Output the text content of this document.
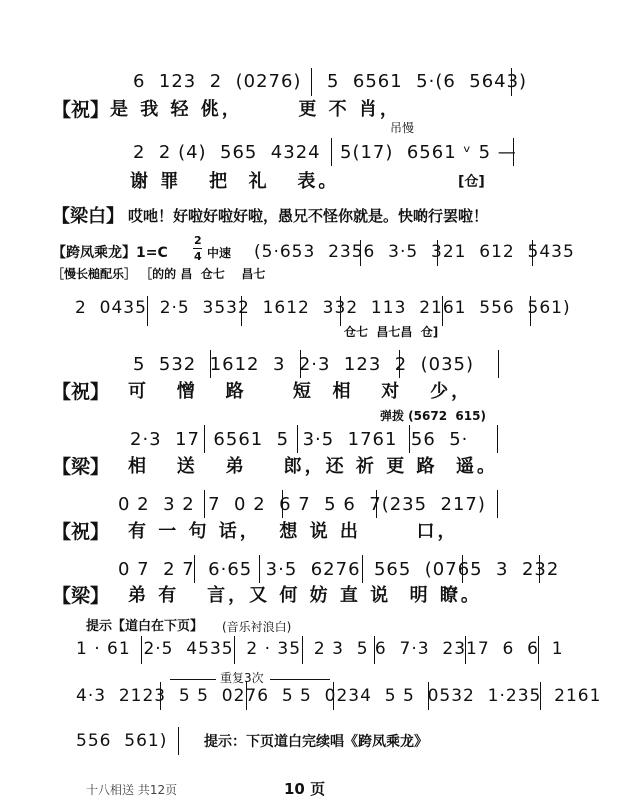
6  123  2  (0276) 5  6561  5·(6  5643)
【祝】 是 我 轻 佻，      更 不 肖，
吊慢
2  2 (4)  565  4324 5(17)  6561 ᵛ 5 —
谢 罪   把  礼   表。	[仓]
【梁白】 哎吔！好啦好啦好啦，愚兄不怪你就是。快啲行罢啦！
【跨凤乘龙】1=C
2
4 中速 (5·653  2356  3·5  321  612  5435
［慢长槌配乐］ ［的的 昌  仓七    昌七
2  0435  2·5  3532  1612  332  113  2161  556  561)
仓七  昌七昌  仓]
5  532  1612  3  2·3  123  2  (035)
【祝】 可   憎   路     短  相   对   少，
弹拨 (5672  615)
2·3  17  6561  5  3·5  1761  56  5·
【梁】 相   送   弟    郎，还 祈 更 路  遥。
0 2  3 2  7  0 2  6 7  5 6  7(235  217)
【祝】 有 一 句 话，  想 说 出      口，
0 7  2 7  6·65  3·5  6276  565  (0765  3  232
【梁】 弟 有   言，又 何 妨 直 说  明 瞭。
提示【道白在下页】 (音乐衬浪白)
1 · 61  2·5  4535  2 · 35  2 3  5 6  7·3  2317  6  6  1
重复3次
4·3  2123  5 5  0276  5 5  0234  5 5  0532  1·235  2161
556  561)	提示：下页道白完续唱《跨凤乘龙》
十八相送 共12页	10 页
